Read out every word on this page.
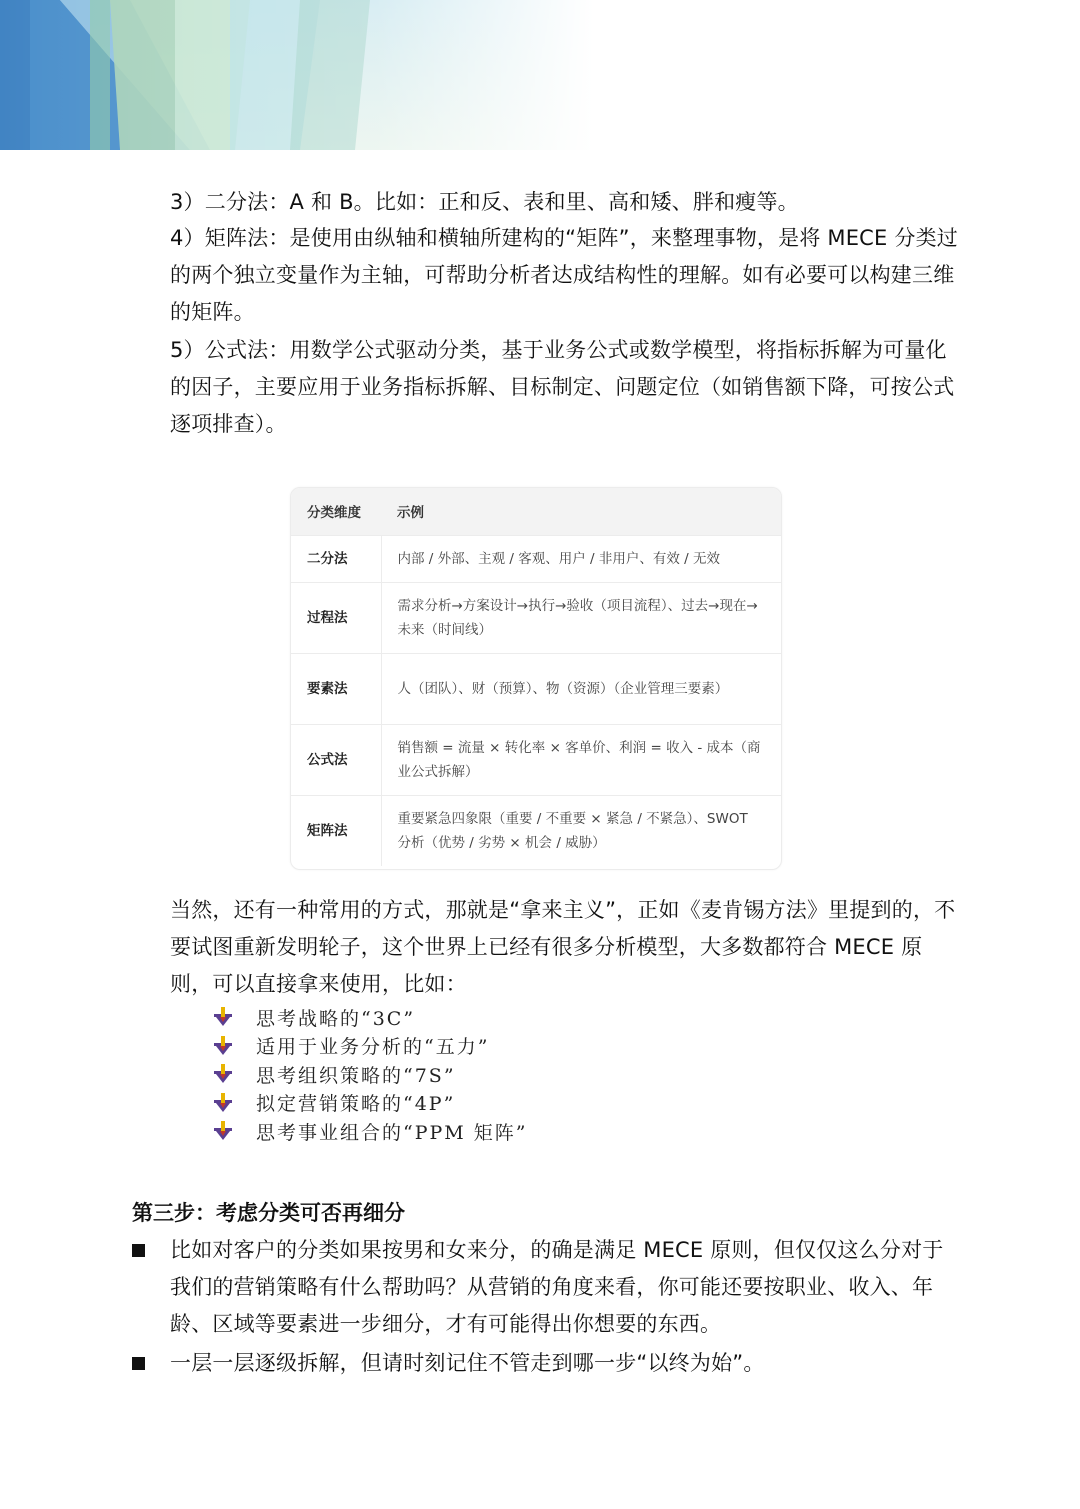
3）二分法：A 和 B。比如：正和反、表和里、高和矮、胖和瘦等。
4）矩阵法：是使用由纵轴和横轴所建构的“矩阵”，来整理事物，是将 MECE 分类过的两个独立变量作为主轴，可帮助分析者达成结构性的理解。如有必要可以构建三维的矩阵。
5）公式法：用数学公式驱动分类，基于业务公式或数学模型，将指标拆解为可量化的因子，主要应用于业务指标拆解、目标制定、问题定位（如销售额下降，可按公式逐项排查）。
分类维度	示例
二分法	内部 / 外部、主观 / 客观、用户 / 非用户、有效 / 无效
过程法	需求分析→方案设计→执行→验收（项目流程）、过去→现在→未来（时间线）
要素法	人（团队）、财（预算）、物（资源）（企业管理三要素）
公式法	销售额 = 流量 × 转化率 × 客单价、利润 = 收入 - 成本（商业公式拆解）
矩阵法	重要紧急四象限（重要 / 不重要 × 紧急 / 不紧急）、SWOT 分析（优势 / 劣势 × 机会 / 威胁）
当然，还有一种常用的方式，那就是“拿来主义”，正如《麦肯锡方法》里提到的，不要试图重新发明轮子，这个世界上已经有很多分析模型，大多数都符合 MECE 原则，可以直接拿来使用，比如：
思考战略的“3C”
适用于业务分析的“五力”
思考组织策略的“7S”
拟定营销策略的“4P”
思考事业组合的“PPM 矩阵”
第三步：考虑分类可否再细分
比如对客户的分类如果按男和女来分，的确是满足 MECE 原则，但仅仅这么分对于我们的营销策略有什么帮助吗？从营销的角度来看，你可能还要按职业、收入、年龄、区域等要素进一步细分，才有可能得出你想要的东西。
一层一层逐级拆解，但请时刻记住不管走到哪一步“以终为始”。
